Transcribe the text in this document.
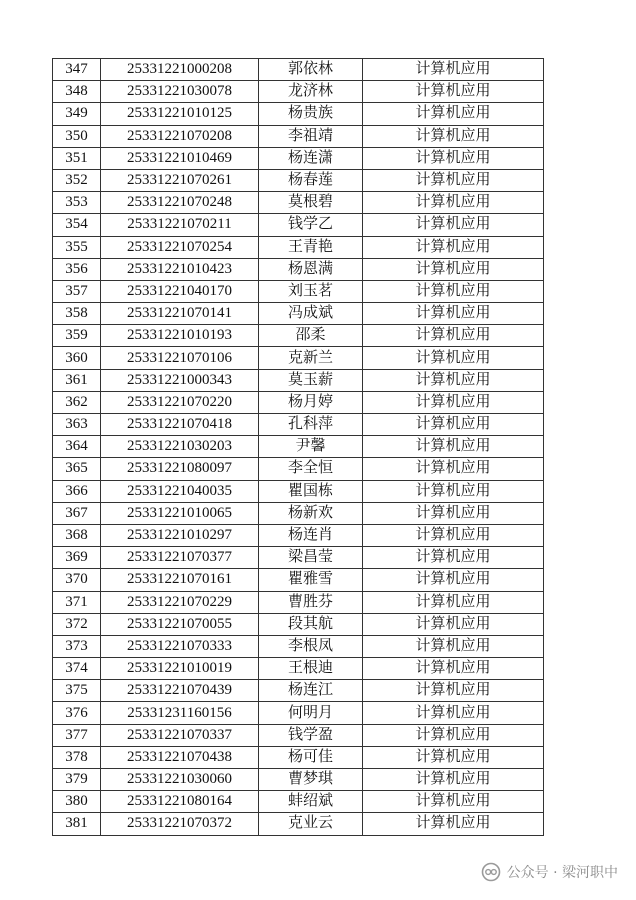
347	25331221000208	郭依林	计算机应用
348	25331221030078	龙济林	计算机应用
349	25331221010125	杨贵族	计算机应用
350	25331221070208	李祖靖	计算机应用
351	25331221010469	杨连潇	计算机应用
352	25331221070261	杨春莲	计算机应用
353	25331221070248	莫根碧	计算机应用
354	25331221070211	钱学乙	计算机应用
355	25331221070254	王青艳	计算机应用
356	25331221010423	杨恩满	计算机应用
357	25331221040170	刘玉茗	计算机应用
358	25331221070141	冯成斌	计算机应用
359	25331221010193	邵柔	计算机应用
360	25331221070106	克新兰	计算机应用
361	25331221000343	莫玉薪	计算机应用
362	25331221070220	杨月婷	计算机应用
363	25331221070418	孔科萍	计算机应用
364	25331221030203	尹馨	计算机应用
365	25331221080097	李全恒	计算机应用
366	25331221040035	瞿国栋	计算机应用
367	25331221010065	杨新欢	计算机应用
368	25331221010297	杨连肖	计算机应用
369	25331221070377	梁昌莹	计算机应用
370	25331221070161	瞿雅雪	计算机应用
371	25331221070229	曹胜芬	计算机应用
372	25331221070055	段其航	计算机应用
373	25331221070333	李根凤	计算机应用
374	25331221010019	王根迪	计算机应用
375	25331221070439	杨连江	计算机应用
376	25331231160156	何明月	计算机应用
377	25331221070337	钱学盈	计算机应用
378	25331221070438	杨可佳	计算机应用
379	25331221030060	曹梦琪	计算机应用
380	25331221080164	蚌绍斌	计算机应用
381	25331221070372	克业云	计算机应用
公众号 · 梁河职中
